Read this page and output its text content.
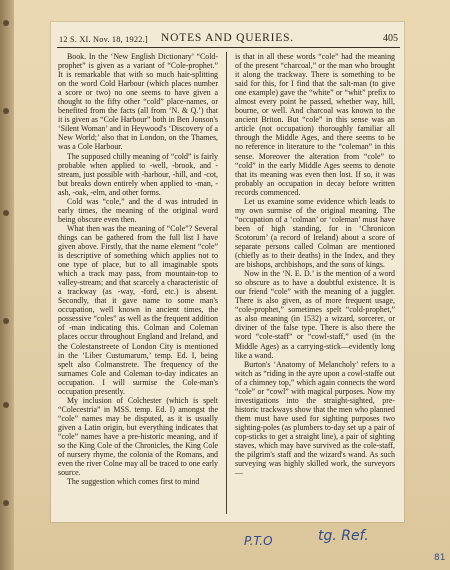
12 S. XI. Nov. 18, 1922.]	NOTES AND QUERIES.	405

Book. In the ‘New English Dictionary’ “Cold-prophet” is given as a variant of “Cole-prophet.” It is remarkable that with so much hair-splitting on the word Cold Harbour (which places number a score or two) no one seems to have given a thought to the fifty other “cold” place-names, or benefited from the facts (all from ‘N. & Q.’) that it is given as “Cole Harbour” both in Ben Jonson's ‘Silent Woman’ and in Heywood's ‘Discovery of a New World;’ also that in London, on the Thames, was a Cole Harbour.

The supposed chilly meaning of “cold” is fairly probable when applied to -well, -brook, and -stream, just possible with -harbour, -hill, and -cot, but breaks down entirely when applied to -man, -ash, -oak, -elm, and other forms.

Cold was “cole,” and the d was intruded in early times, the meaning of the original word being obscure even then.

What then was the meaning of “Cole”? Several things can be gathered from the full list I have given above. Firstly, that the name element “cole” is descriptive of something which applies not to one type of place, but to all imaginable spots which a track may pass, from mountain-top to valley-stream; and that scarcely a characteristic of a trackway (as -way, -ford, etc.) is absent. Secondly, that it gave name to some man's occupation, well known in ancient times, the possessive “coles” as well as the frequent addition of -man indicating this. Colman and Coleman places occur throughout England and Ireland, and the Colestanstreete of London City is mentioned in the ‘Liber Custumarum,’ temp. Ed. I, being spelt also Colmanstrete. The frequency of the surnames Cole and Coleman to-day indicates an occupation. I will surmise the Cole-man's occupation presently.

My inclusion of Colchester (which is spelt “Colecestria” in MSS. temp. Ed. I) amongst the “cole” names may be disputed, as it is usually given a Latin origin, but everything indicates that “cole” names have a pre-historic meaning, and if so the King Cole of the Chronicles, the King Cole of nursery rhyme, the colonia of the Romans, and even the river Colne may all be traced to one early source.

The suggestion which comes first to mind

is that in all these words “cole” had the meaning of the present “charcoal,” or the man who brought it along the trackway. There is something to be said for this, for I find that the salt-man (to give one example) gave the “white” or “whit” prefix to almost every point he passed, whether way, hill, bourne, or well. And charcoal was known to the ancient Briton. But “cole” in this sense was an article (not occupation) thoroughly familiar all through the Middle Ages, and there seems to be no reference in literature to the “coleman” in this sense. Moreover the alteration from “cole” to “cold” in the early Middle Ages seems to denote that its meaning was even then lost. If so, it was probably an occupation in decay before written records commenced.

Let us examine some evidence which leads to my own surmise of the original meaning. The “occupation of a ‘colman’ or ‘coleman’ must have been of high standing, for in ‘Chronicon Scotorum’ (a record of Ireland) about a score of separate persons called Colman are mentioned (chiefly as to their deaths) in the Index, and they are bishops, archbishops, and the sons of kings.

Now in the ‘N. E. D.’ is the mention of a word so obscure as to have a doubtful existence. It is our friend “cole” with the meaning of a juggler. There is also given, as of more frequent usage, “cole-prophet,” sometimes spelt “cold-prophet,” as also meaning (in 1532) a wizard, sorcerer, or diviner of the false type. There is also there the word “cole-staff” or “cowl-staff,” used (in the Middle Ages) as a carrying-stick—evidently long like a wand.

Burton's ‘Anatomy of Melancholy’ refers to a witch as “riding in the ayre upon a cowl-staffe out of a chimney top,” which again connects the word “cole” or “cowl” with magical purposes. Now my investigations into the straight-sighted, pre-historic trackways show that the men who planned them must have used for sighting purposes two sighting-poles (as plumbers to-day set up a pair of cop-sticks to get a straight line), a pair of sighting staves, which may have survived as the cole-staff, the pilgrim's staff and the wizard's wand. As such surveying was highly skilled work, the surveyors—

P.T.O	tg. Ref.
81
